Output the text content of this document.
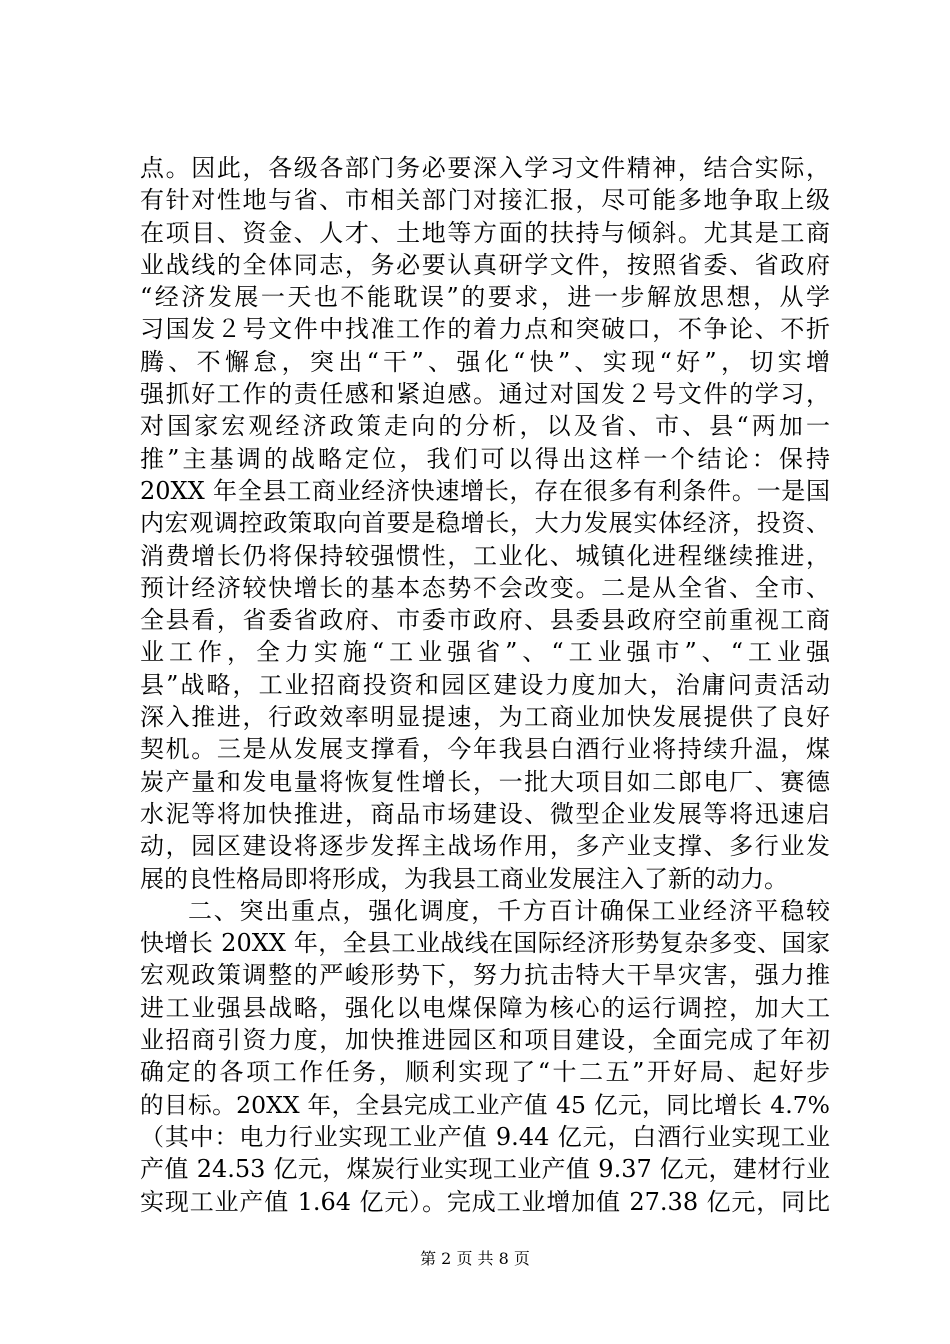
点。因此，各级各部门务必要深入学习文件精神，结合实际，
有针对性地与省、市相关部门对接汇报，尽可能多地争取上级
在项目、资金、人才、土地等方面的扶持与倾斜。尤其是工商
业战线的全体同志，务必要认真研学文件，按照省委、省政府
“经济发展一天也不能耽误”的要求，进一步解放思想，从学
习国发２号文件中找准工作的着力点和突破口，不争论、不折
腾、不懈怠，突出“干”、强化“快”、实现“好”，切实增
强抓好工作的责任感和紧迫感。通过对国发２号文件的学习，
对国家宏观经济政策走向的分析，以及省、市、县“两加一
推”主基调的战略定位，我们可以得出这样一个结论：保持
20XX 年全县工商业经济快速增长，存在很多有利条件。一是国
内宏观调控政策取向首要是稳增长，大力发展实体经济，投资、
消费增长仍将保持较强惯性，工业化、城镇化进程继续推进，
预计经济较快增长的基本态势不会改变。二是从全省、全市、
全县看，省委省政府、市委市政府、县委县政府空前重视工商
业工作，全力实施“工业强省”、“工业强市”、“工业强
县”战略，工业招商投资和园区建设力度加大，治庸问责活动
深入推进，行政效率明显提速，为工商业加快发展提供了良好
契机。三是从发展支撑看，今年我县白酒行业将持续升温，煤
炭产量和发电量将恢复性增长，一批大项目如二郎电厂、赛德
水泥等将加快推进，商品市场建设、微型企业发展等将迅速启
动，园区建设将逐步发挥主战场作用，多产业支撑、多行业发
展的良性格局即将形成，为我县工商业发展注入了新的动力。
二、突出重点，强化调度，千方百计确保工业经济平稳较
快增长 20XX 年，全县工业战线在国际经济形势复杂多变、国家
宏观政策调整的严峻形势下，努力抗击特大干旱灾害，强力推
进工业强县战略，强化以电煤保障为核心的运行调控，加大工
业招商引资力度，加快推进园区和项目建设，全面完成了年初
确定的各项工作任务，顺利实现了“十二五”开好局、起好步
的目标。20XX 年，全县完成工业产值 45 亿元，同比增长 4.7%
（其中：电力行业实现工业产值 9.44 亿元，白酒行业实现工业
产值 24.53 亿元，煤炭行业实现工业产值 9.37 亿元，建材行业
实现工业产值 1.64 亿元）。完成工业增加值 27.38 亿元，同比
第 2 页 共 8 页
